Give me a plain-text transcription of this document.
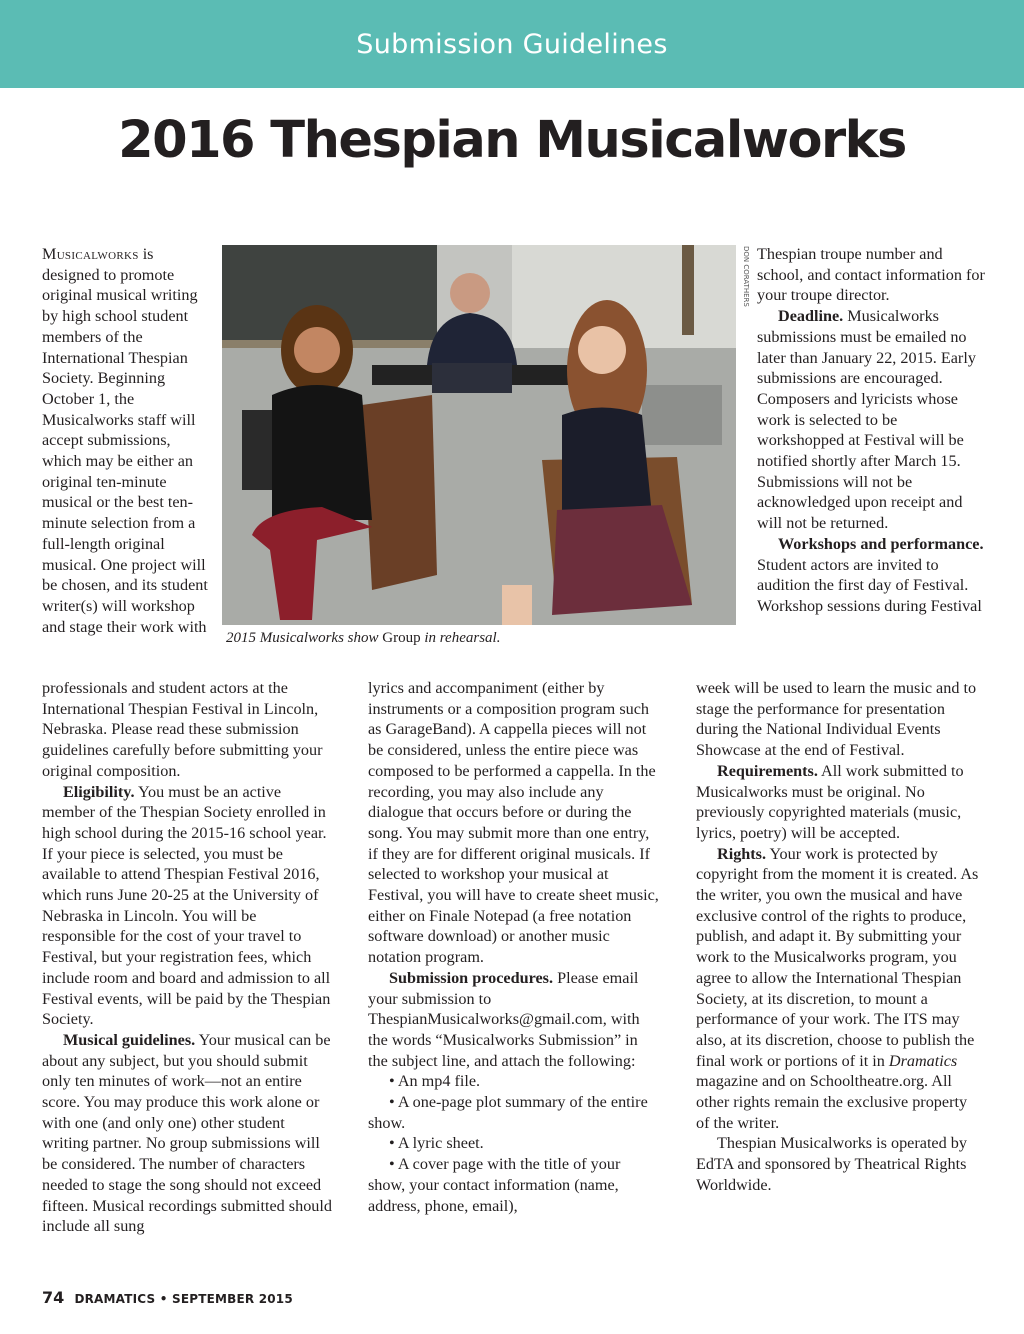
Submission Guidelines
2016 Thespian Musicalworks
Musicalworks is designed to promote original musical writing by high school student members of the International Thespian Society. Beginning October 1, the Musicalworks staff will accept submissions, which may be either an original ten-minute musical or the best ten-minute selection from a full-length original musical. One project will be chosen, and its student writer(s) will workshop and stage their work with

professionals and student actors at the International Thespian Festival in Lincoln, Nebraska. Please read these submission guidelines carefully before submitting your original composition.

Eligibility. You must be an active member of the Thespian Society enrolled in high school during the 2015-16 school year. If your piece is selected, you must be available to attend Thespian Festival 2016, which runs June 20-25 at the University of Nebraska in Lincoln. You will be responsible for the cost of your travel to Festival, but your registration fees, which include room and board and admission to all Festival events, will be paid by the Thespian Society.

Musical guidelines. Your musical can be about any subject, but you should submit only ten minutes of work—not an entire score. You may produce this work alone or with one (and only one) other student writing partner. No group submissions will be considered. The number of characters needed to stage the song should not exceed fifteen. Musical recordings submitted should include all sung

DON CORATHERS
2015 Musicalworks show Group in rehearsal.

lyrics and accompaniment (either by instruments or a composition program such as GarageBand). A cappella pieces will not be considered, unless the entire piece was composed to be performed a cappella. In the recording, you may also include any dialogue that occurs before or during the song. You may submit more than one entry, if they are for different original musicals. If selected to workshop your musical at Festival, you will have to create sheet music, either on Finale Notepad (a free notation software download) or another music notation program.

Submission procedures. Please email your submission to ThespianMusicalworks@gmail.com, with the words “Musicalworks Submission” in the subject line, and attach the following:

• An mp4 file.

• A one-page plot summary of the entire show.

• A lyric sheet.

• A cover page with the title of your show, your contact information (name, address, phone, email),

Thespian troupe number and school, and contact information for your troupe director.

Deadline. Musicalworks submissions must be emailed no later than January 22, 2015. Early submissions are encouraged. Composers and lyricists whose work is selected to be workshopped at Festival will be notified shortly after March 15. Submissions will not be acknowledged upon receipt and will not be returned.

Workshops and performance. Student actors are invited to audition the first day of Festival. Workshop sessions during Festival

week will be used to learn the music and to stage the performance for presentation during the National Individual Events Showcase at the end of Festival.

Requirements. All work submitted to Musicalworks must be original. No previously copyrighted materials (music, lyrics, poetry) will be accepted.

Rights. Your work is protected by copyright from the moment it is created. As the writer, you own the musical and have exclusive control of the rights to produce, publish, and adapt it. By submitting your work to the Musicalworks program, you agree to allow the International Thespian Society, at its discretion, to mount a performance of your work. The ITS may also, at its discretion, choose to publish the final work or portions of it in Dramatics magazine and on Schooltheatre.org. All other rights remain the exclusive property of the writer.

Thespian Musicalworks is operated by EdTA and sponsored by Theatrical Rights Worldwide.

74 DRAMATICS • SEPTEMBER 2015
